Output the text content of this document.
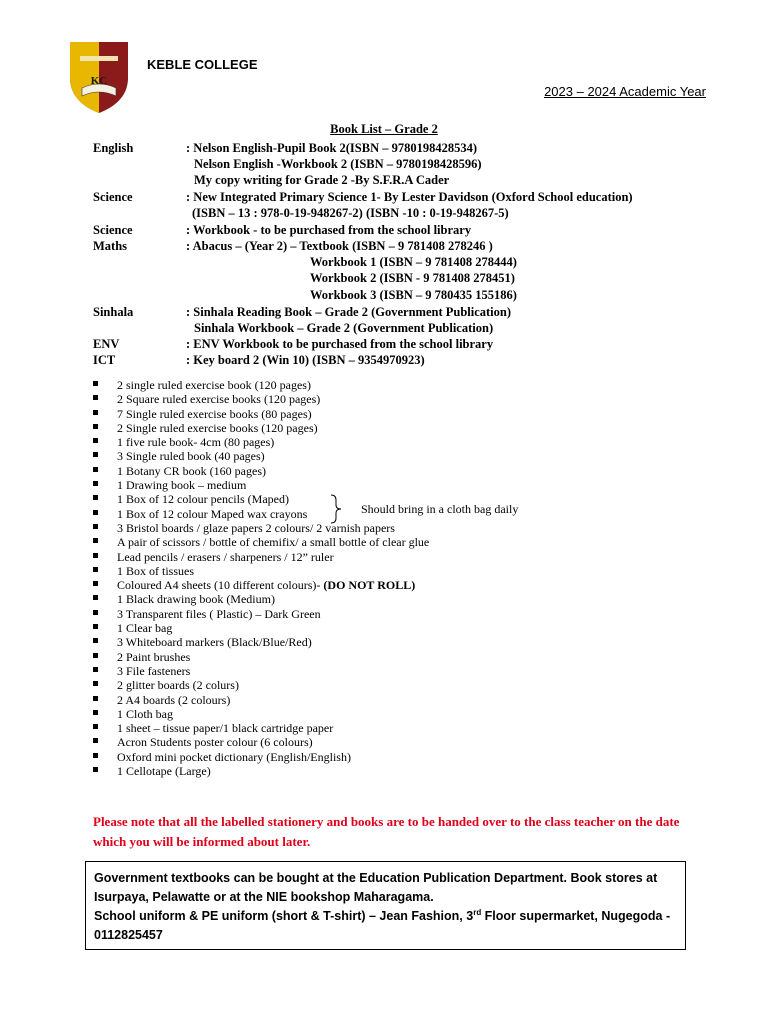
KC
KEBLE COLLEGE
2023 – 2024 Academic Year
Book List – Grade 2
English	: Nelson English-Pupil Book 2(ISBN – 9780198428534)
Nelson English -Workbook 2 (ISBN – 9780198428596)
My copy writing for Grade 2 -By S.F.R.A Cader
Science	: New Integrated Primary Science 1- By Lester Davidson (Oxford School education)
(ISBN – 13 : 978-0-19-948267-2) (ISBN -10 : 0-19-948267-5)
Science	: Workbook - to be purchased from the school library
Maths	: Abacus – (Year 2) – Textbook (ISBN – 9 781408 278246 )
Workbook 1 (ISBN – 9 781408 278444)
Workbook 2 (ISBN - 9 781408 278451)
Workbook 3 (ISBN – 9 780435 155186)
Sinhala	: Sinhala Reading Book – Grade 2 (Government Publication)
Sinhala Workbook – Grade 2 (Government Publication)
ENV	: ENV Workbook to be purchased from the school library
ICT	: Key board 2 (Win 10) (ISBN – 9354970923)
2 single ruled exercise book (120 pages)
2 Square ruled exercise books (120 pages)
7 Single ruled exercise books (80 pages)
2 Single ruled exercise books (120 pages)
1 five rule book- 4cm (80 pages)
3 Single ruled book (40 pages)
1 Botany CR book (160 pages)
1 Drawing book – medium
1 Box of 12 colour pencils (Maped)
1 Box of 12 colour Maped wax crayons
3 Bristol boards / glaze papers 2 colours/ 2 varnish papers
A pair of scissors / bottle of chemifix/ a small bottle of clear glue
Lead pencils / erasers / sharpeners / 12” ruler
1 Box of tissues
Coloured A4 sheets (10 different colours)- (DO NOT ROLL)
1 Black drawing book (Medium)
3 Transparent files ( Plastic) – Dark Green
1 Clear bag
3 Whiteboard markers (Black/Blue/Red)
2 Paint brushes
3 File fasteners
2 glitter boards (2 colurs)
2 A4 boards (2 colours)
1 Cloth bag
1 sheet – tissue paper/1 black cartridge paper
Acron Students poster colour (6 colours)
Oxford mini pocket dictionary (English/English)
1 Cellotape (Large)
Should bring in a cloth bag daily
Please note that all the labelled stationery and books are to be handed over to the class teacher on the date which you will be informed about later.
Government textbooks can be bought at the Education Publication Department. Book stores at Isurpaya, Pelawatte or at the NIE bookshop Maharagama.
School uniform & PE uniform (short & T-shirt) – Jean Fashion, 3rd Floor supermarket, Nugegoda - 0112825457
